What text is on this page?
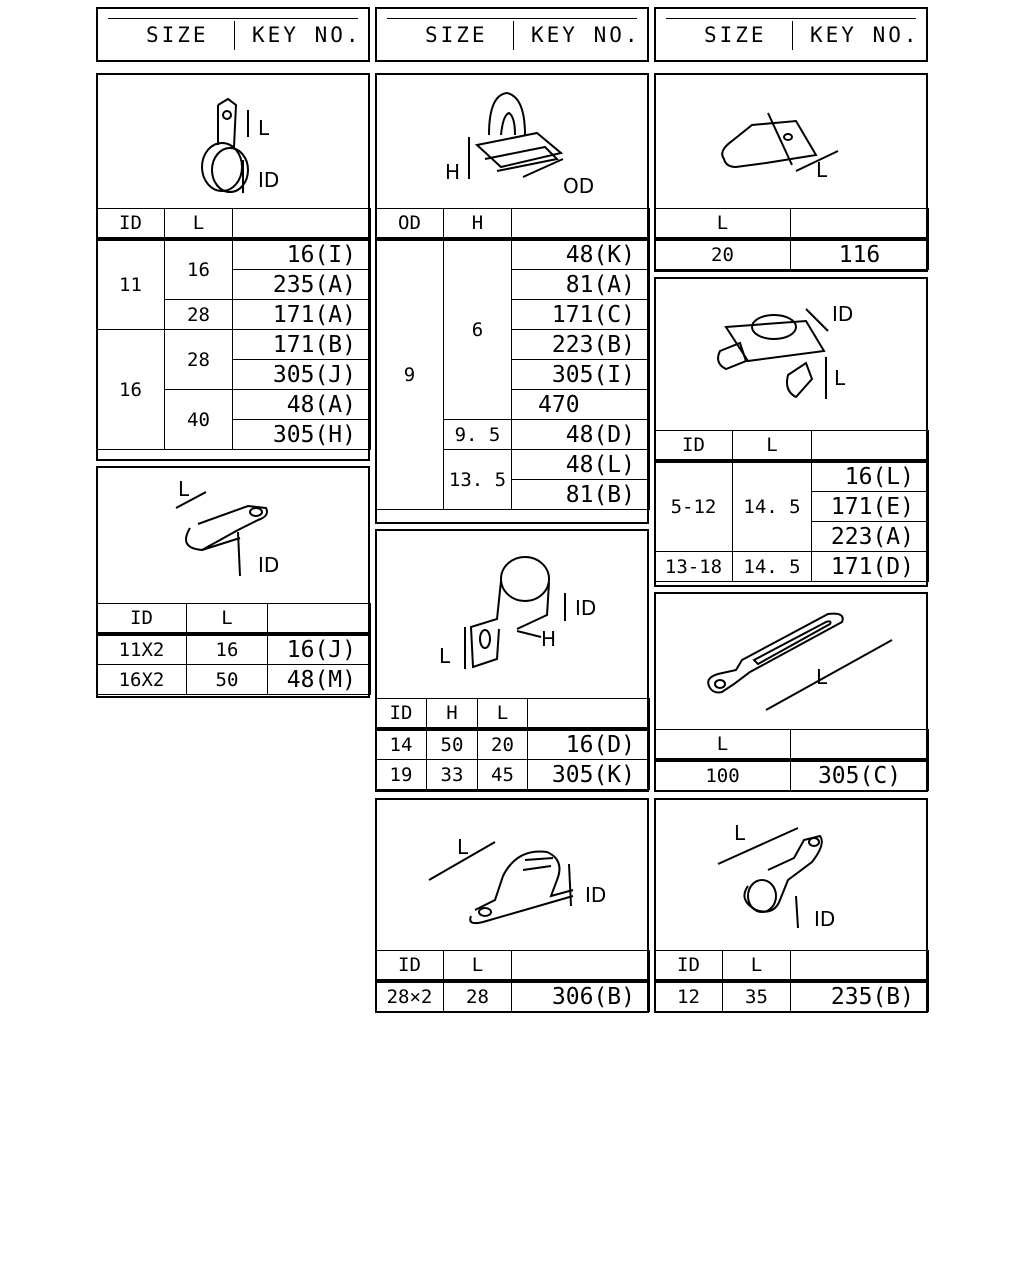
SIZE KEY NO.	SIZE KEY NO.	SIZE KEY NO.
L
ID
ID	L	
11	16	16(I)
		235(A)
	28	171(A)
16	28	171(B)
		305(J)
	40	48(A)
		305(H)
L
ID
ID	L	
11X2	16	16(J)
16X2	50	48(M)
H
OD
OD	H	
9	6	48(K)
		81(A)
		171(C)
		223(B)
		305(I)
		470
	9. 5	48(D)
	13. 5	48(L)
		81(B)
L
H
ID
ID	H	L	
14	50	20	16(D)
19	33	45	305(K)
L
ID
ID	L	
28×2	28	306(B)
L
L	
20	116
ID
L
ID	L	
5-12	14. 5	16(L)
		171(E)
		223(A)
13-18	14. 5	171(D)
L
L	
100	305(C)
L
ID
ID	L	
12	35	235(B)
